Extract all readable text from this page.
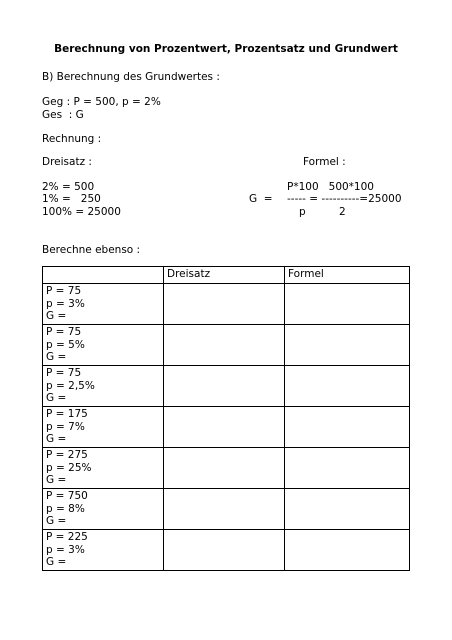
Berechnung von Prozentwert, Prozentsatz und Grundwert
B) Berechnung des Grundwertes :
Geg : P = 500, p = 2%
Ges  : G
Rechnung :
Dreisatz :	Formel :
2% = 500
1% =   250
100% = 25000
P*100   500*100
G  = ----- = ----------=25000
p          2
Berechne ebenso :
	Dreisatz	Formel

P = 75
p = 3%
G =		

P = 75
p = 5%
G =		

P = 75
p = 2,5%
G =		

P = 175
p = 7%
G =		

P = 275
p = 25%
G =		

P = 750
p = 8%
G =		

P = 225
p = 3%
G =		
